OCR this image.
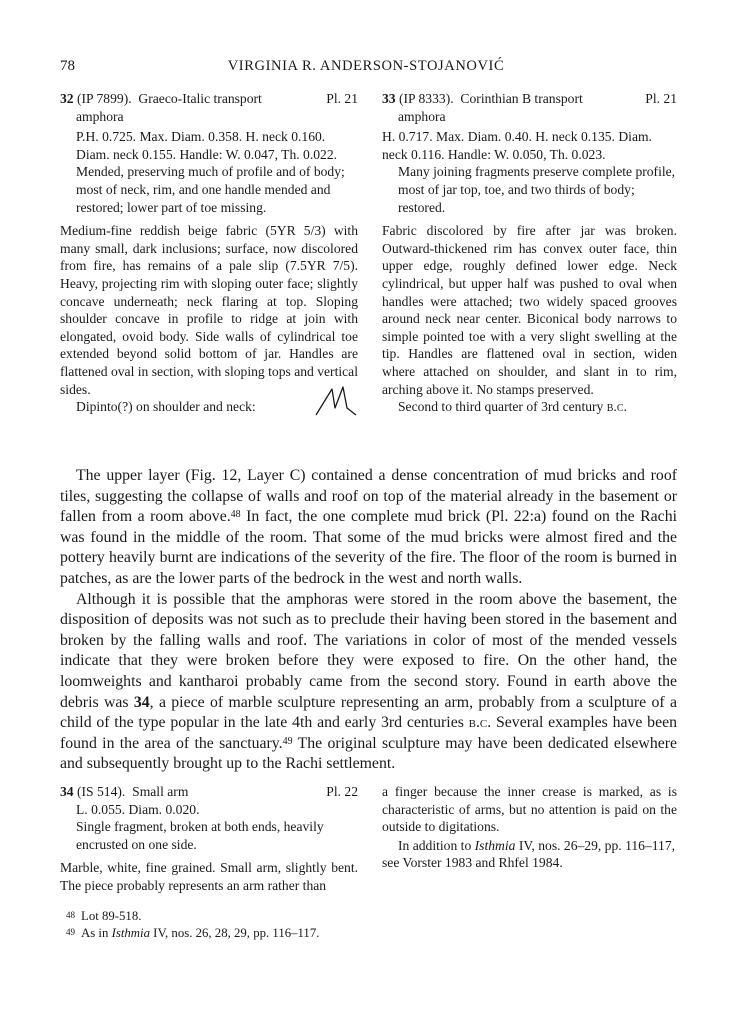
78	VIRGINIA R. ANDERSON-STOJANOVIĆ
32 (IP 7899). Graeco-Italic transport	Pl. 21
amphora
P.H. 0.725. Max. Diam. 0.358. H. neck 0.160. Diam. neck 0.155. Handle: W. 0.047, Th. 0.022.
Mended, preserving much of profile and of body; most of neck, rim, and one handle mended and restored; lower part of toe missing.
Medium-fine reddish beige fabric (5YR 5/3) with many small, dark inclusions; surface, now discolored from fire, has remains of a pale slip (7.5YR 7/5). Heavy, projecting rim with sloping outer face; slightly concave underneath; neck flaring at top. Sloping shoulder concave in profile to ridge at join with elongated, ovoid body. Side walls of cylindrical toe extended beyond solid bottom of jar. Handles are flattened oval in section, with sloping tops and vertical sides.
Dipinto(?) on shoulder and neck:
33 (IP 8333). Corinthian B transport	Pl. 21
amphora
H. 0.717. Max. Diam. 0.40. H. neck 0.135. Diam. neck 0.116. Handle: W. 0.050, Th. 0.023.
Many joining fragments preserve complete profile, most of jar top, toe, and two thirds of body; restored.
Fabric discolored by fire after jar was broken. Outward-thickened rim has convex outer face, thin upper edge, roughly defined lower edge. Neck cylindrical, but upper half was pushed to oval when handles were attached; two widely spaced grooves around neck near center. Biconical body narrows to simple pointed toe with a very slight swelling at the tip. Handles are flattened oval in section, widen where attached on shoulder, and slant in to rim, arching above it. No stamps preserved.
Second to third quarter of 3rd century b.c.

The upper layer (Fig. 12, Layer C) contained a dense concentration of mud bricks and roof tiles, suggesting the collapse of walls and roof on top of the material already in the basement or fallen from a room above.$^{48}$ In fact, the one complete mud brick (Pl. 22:a) found on the Rachi was found in the middle of the room. That some of the mud bricks were almost fired and the pottery heavily burnt are indications of the severity of the fire. The floor of the room is burned in patches, as are the lower parts of the bedrock in the west and north walls.

Although it is possible that the amphoras were stored in the room above the basement, the disposition of deposits was not such as to preclude their having been stored in the basement and broken by the falling walls and roof. The variations in color of most of the mended vessels indicate that they were broken before they were exposed to fire. On the other hand, the loomweights and kantharoi probably came from the second story. Found in earth above the debris was 34, a piece of marble sculpture representing an arm, probably from a sculpture of a child of the type popular in the late 4th and early 3rd centuries b.c. Several examples have been found in the area of the sanctuary.$^{49}$ The original sculpture may have been dedicated elsewhere and subsequently brought up to the Rachi settlement.

34 (IS 514). Small arm	Pl. 22
L. 0.055. Diam. 0.020.
Single fragment, broken at both ends, heavily encrusted on one side.
Marble, white, fine grained. Small arm, slightly bent. The piece probably represents an arm rather than
a finger because the inner crease is marked, as is characteristic of arms, but no attention is paid on the outside to digitations.
In addition to Isthmia IV, nos. 26–29, pp. 116–117, see Vorster 1983 and Rhfel 1984.
$^{48}$ Lot 89-518.
$^{49}$ As in Isthmia IV, nos. 26, 28, 29, pp. 116–117.
